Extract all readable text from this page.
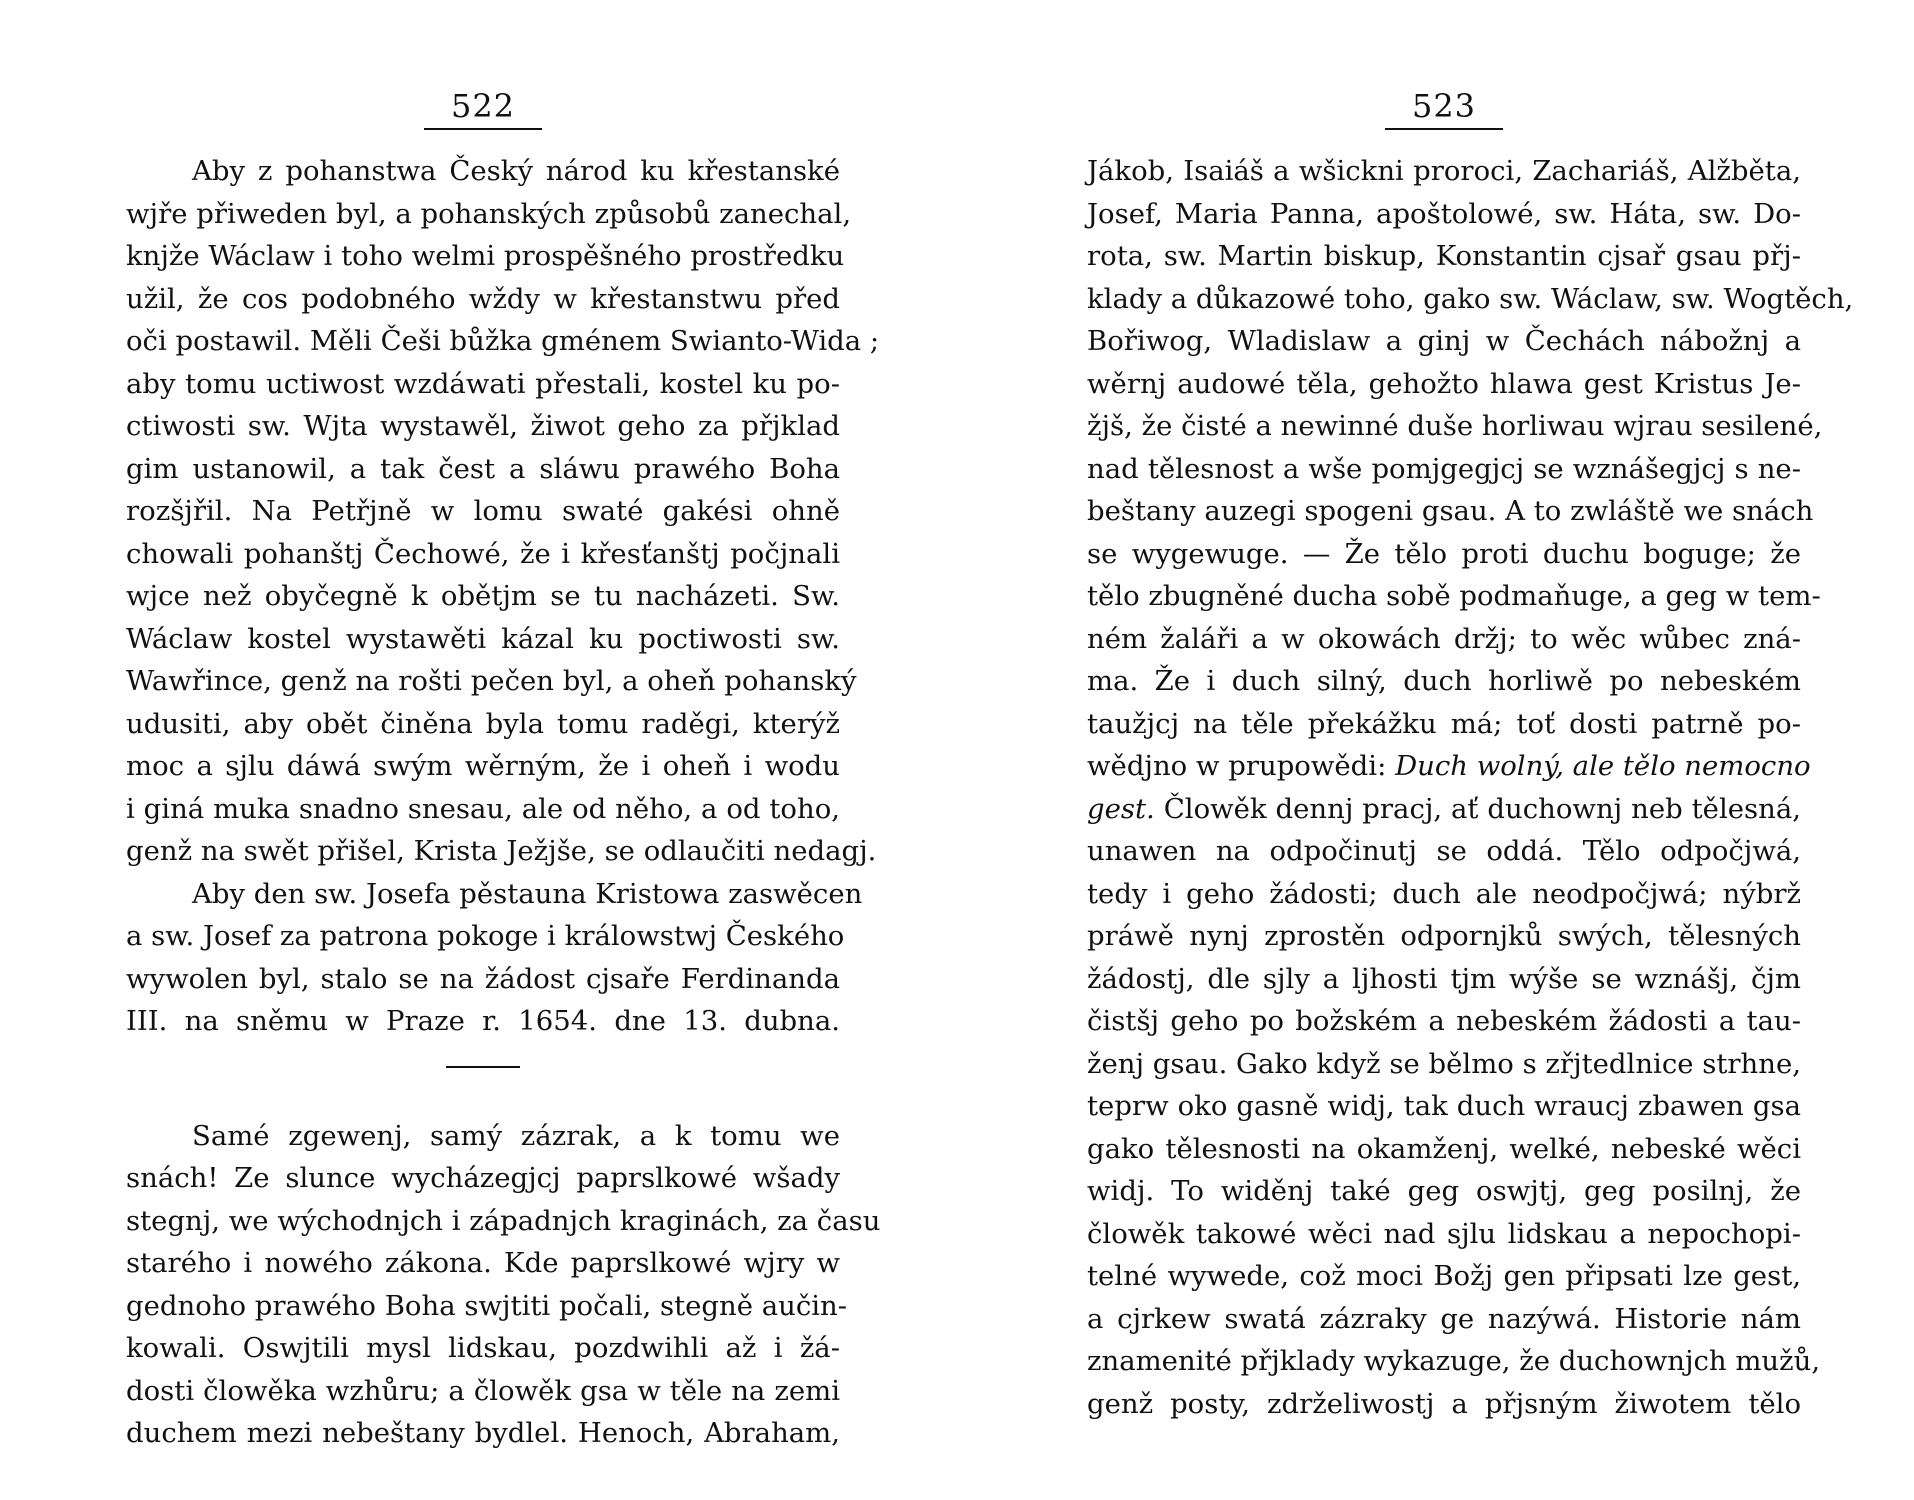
522
Aby z pohanstwa Český národ ku křestanské
wjře přiweden byl, a pohanských způsobů zanechal,
knjže Wáclaw i toho welmi prospěšného prostředku
užil, že cos podobného wždy w křestanstwu před
oči postawil. Měli Češi bůžka gménem Swianto-Wida ;
aby tomu uctiwost wzdáwati přestali, kostel ku po-
ctiwosti sw. Wjta wystawěl, žiwot geho za přjklad
gim ustanowil, a tak čest a sláwu prawého Boha
rozšjřil. Na Petřjně w lomu swaté gakési ohně
chowali pohanštj Čechowé, že i křesťanštj počjnali
wjce než obyčegně k obětjm se tu nacházeti. Sw.
Wáclaw kostel wystawěti kázal ku poctiwosti sw.
Wawřince, genž na rošti pečen byl, a oheň pohanský
udusiti, aby obět činěna byla tomu raděgi, kterýž
moc a sjlu dáwá swým wěrným, že i oheň i wodu
i giná muka snadno snesau, ale od něho, a od toho,
genž na swět přišel, Krista Ježjše, se odlaučiti nedagj.
Aby den sw. Josefa pěstauna Kristowa zaswěcen
a sw. Josef za patrona pokoge i králowstwj Českého
wywolen byl, stalo se na žádost cjsaře Ferdinanda
III. na sněmu w Praze r. 1654. dne 13. dubna.
Samé zgewenj, samý zázrak, a k tomu we
snách! Ze slunce wycházegjcj paprslkowé wšady
stegnj, we wýchodnjch i západnjch kraginách, za času
starého i nowého zákona. Kde paprslkowé wjry w
gednoho prawého Boha swjtiti počali, stegně aučin-
kowali. Oswjtili mysl lidskau, pozdwihli až i žá-
dosti člowěka wzhůru; a člowěk gsa w těle na zemi
duchem mezi nebeštany bydlel. Henoch, Abraham,
523
Jákob, Isaiáš a wšickni proroci, Zachariáš, Alžběta,
Josef, Maria Panna, apoštolowé, sw. Háta, sw. Do-
rota, sw. Martin biskup, Konstantin cjsař gsau přj-
klady a důkazowé toho, gako sw. Wáclaw, sw. Wogtěch,
Bořiwog, Wladislaw a ginj w Čechách nábožnj a
wěrnj audowé těla, gehožto hlawa gest Kristus Je-
žjš, že čisté a newinné duše horliwau wjrau sesilené,
nad tělesnost a wše pomjgegjcj se wznášegjcj s ne-
beštany auzegi spogeni gsau. A to zwláště we snách
se wygewuge. — Že tělo proti duchu boguge; že
tělo zbugněné ducha sobě podmaňuge, a geg w tem-
ném žaláři a w okowách držj; to wěc wůbec zná-
ma. Že i duch silný, duch horliwě po nebeském
taužjcj na těle překážku má; toť dosti patrně po-
wědjno w prupowědi: Duch wolný, ale tělo nemocno
gest. Člowěk dennj pracj, ať duchownj neb tělesná,
unawen na odpočinutj se oddá. Tělo odpočjwá,
tedy i geho žádosti; duch ale neodpočjwá; nýbrž
práwě nynj zprostěn odpornjků swých, tělesných
žádostj, dle sjly a ljhosti tjm wýše se wznášj, čjm
čistšj geho po božském a nebeském žádosti a tau-
ženj gsau. Gako když se bělmo s zřjtedlnice strhne,
teprw oko gasně widj, tak duch wraucj zbawen gsa
gako tělesnosti na okamženj, welké, nebeské wěci
widj. To widěnj také geg oswjtj, geg posilnj, že
člowěk takowé wěci nad sjlu lidskau a nepochopi-
telné wywede, což moci Božj gen připsati lze gest,
a cjrkew swatá zázraky ge nazýwá. Historie nám
znamenité přjklady wykazuge, že duchownjch mužů,
genž posty, zdrželiwostj a přjsným žiwotem tělo
